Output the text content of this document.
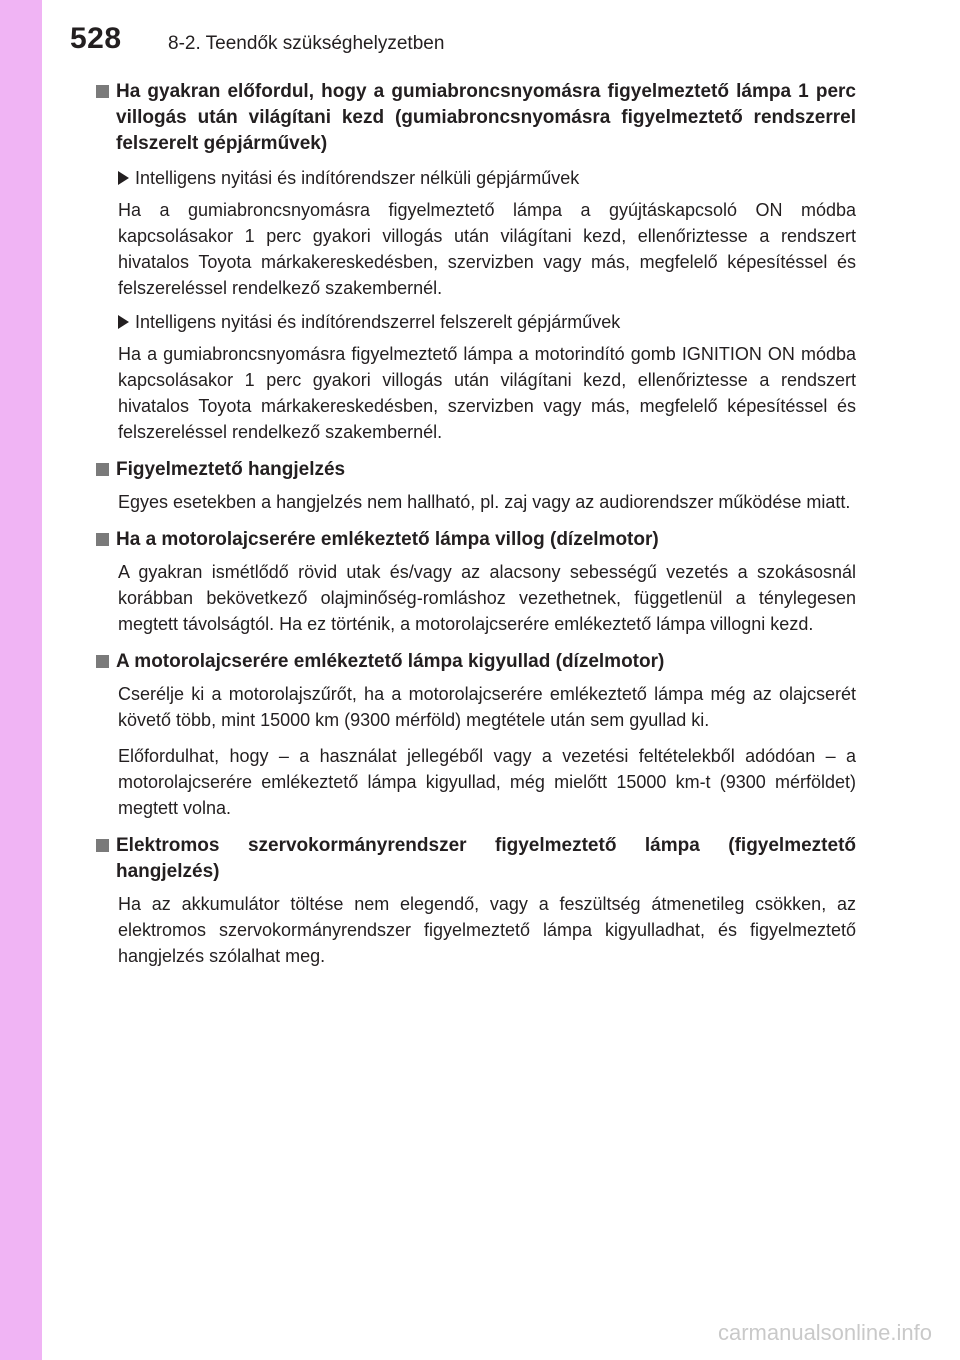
528 8-2. Teendők szükséghelyzetben
Ha gyakran előfordul, hogy a gumiabroncsnyomásra figyelmeztető lámpa 1 perc villogás után világítani kezd (gumiabroncsnyomásra figyelmeztető rendszerrel felszerelt gépjárművek)
Intelligens nyitási és indítórendszer nélküli gépjárművek

Ha a gumiabroncsnyomásra figyelmeztető lámpa a gyújtáskapcsoló ON módba kapcsolásakor 1 perc gyakori villogás után világítani kezd, ellenőriztesse a rendszert hivatalos Toyota márkakereskedésben, szervizben vagy más, megfelelő képesítéssel és felszereléssel rendelkező szakembernél.

Intelligens nyitási és indítórendszerrel felszerelt gépjárművek

Ha a gumiabroncsnyomásra figyelmeztető lámpa a motorindító gomb IGNITION ON módba kapcsolásakor 1 perc gyakori villogás után világítani kezd, ellenőriztesse a rendszert hivatalos Toyota márkakereskedésben, szervizben vagy más, megfelelő képesítéssel és felszereléssel rendelkező szakembernél.

Figyelmeztető hangjelzés

Egyes esetekben a hangjelzés nem hallható, pl. zaj vagy az audiorendszer működése miatt.

Ha a motorolajcserére emlékeztető lámpa villog (dízelmotor)

A gyakran ismétlődő rövid utak és/vagy az alacsony sebességű vezetés a szokásosnál korábban bekövetkező olajminőség-romláshoz vezethetnek, függetlenül a ténylegesen megtett távolságtól. Ha ez történik, a motorolajcserére emlékeztető lámpa villogni kezd.

A motorolajcserére emlékeztető lámpa kigyullad (dízelmotor)

Cserélje ki a motorolajszűrőt, ha a motorolajcserére emlékeztető lámpa még az olajcserét követő több, mint 15000 km (9300 mérföld) megtétele után sem gyullad ki.

Előfordulhat, hogy – a használat jellegéből vagy a vezetési feltételekből adódóan – a motorolajcserére emlékeztető lámpa kigyullad, még mielőtt 15000 km-t (9300 mérföldet) megtett volna.

Elektromos szervokormányrendszer figyelmeztető lámpa (figyelmeztető hangjelzés)

Ha az akkumulátor töltése nem elegendő, vagy a feszültség átmenetileg csökken, az elektromos szervokormányrendszer figyelmeztető lámpa kigyulladhat, és figyelmeztető hangjelzés szólalhat meg.

carmanualsonline.info
